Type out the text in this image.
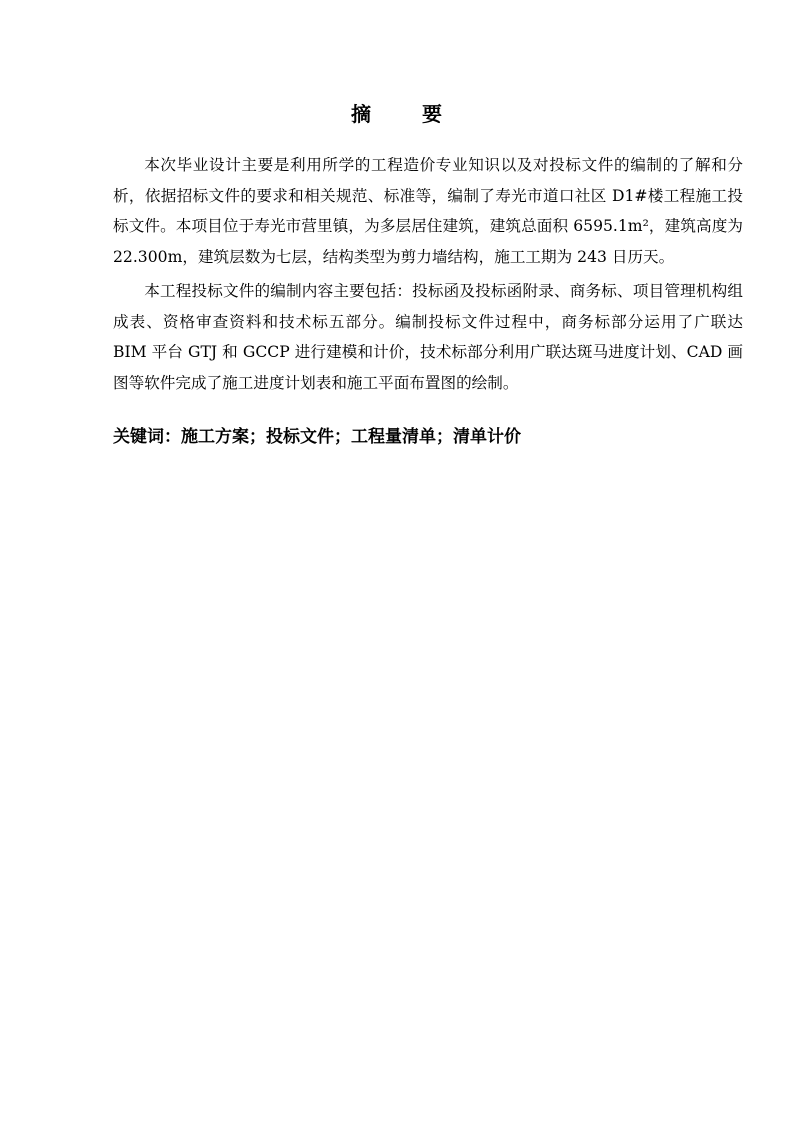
摘 要

本次毕业设计主要是利用所学的工程造价专业知识以及对投标文件的编制的了解和分析，依据招标文件的要求和相关规范、标准等，编制了寿光市道口社区 D1#楼工程施工投标文件。本项目位于寿光市营里镇，为多层居住建筑，建筑总面积 6595.1m²，建筑高度为 22.300m，建筑层数为七层，结构类型为剪力墙结构，施工工期为 243 日历天。

本工程投标文件的编制内容主要包括：投标函及投标函附录、商务标、项目管理机构组成表、资格审查资料和技术标五部分。编制投标文件过程中，商务标部分运用了广联达 BIM 平台 GTJ 和 GCCP 进行建模和计价，技术标部分利用广联达斑马进度计划、CAD 画图等软件完成了施工进度计划表和施工平面布置图的绘制。

关键词：施工方案；投标文件；工程量清单；清单计价
